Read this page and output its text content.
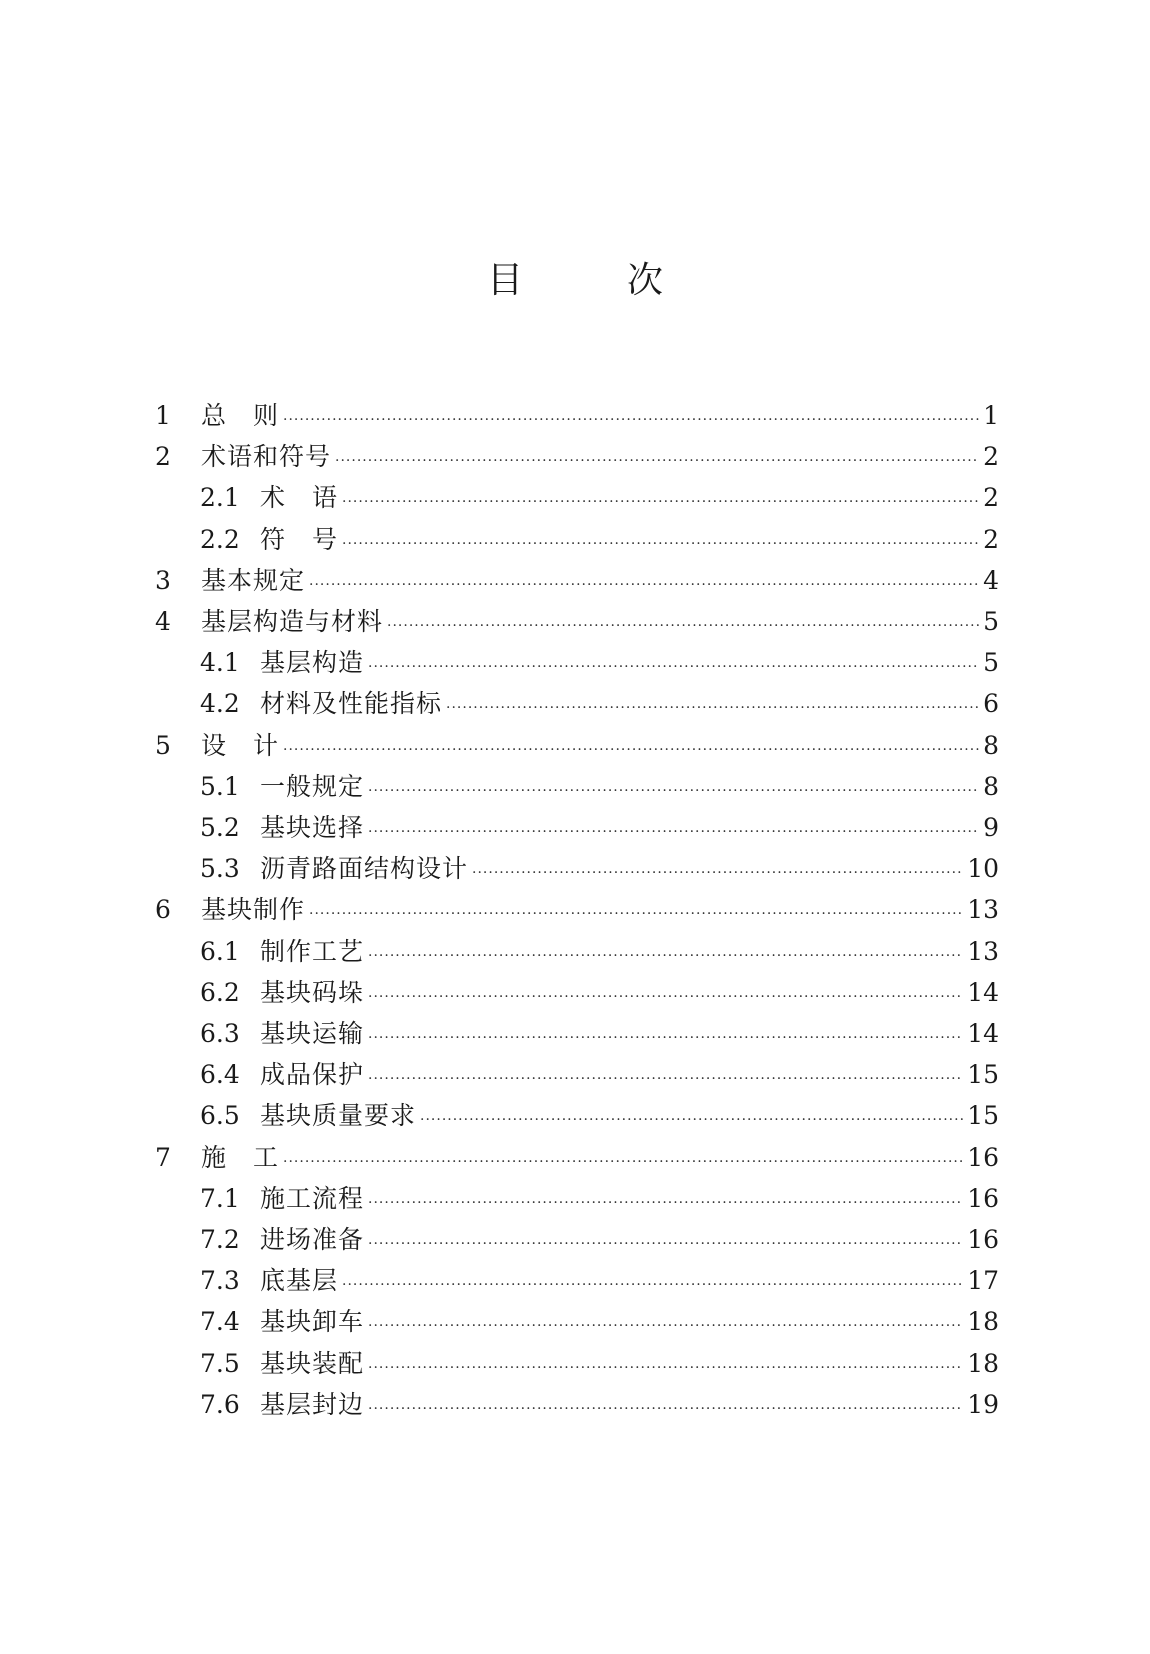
目　次
1	总　则 ·····	1
2	术语和符号 ·····	2
2.1 术　语 ·····	2
2.2 符　号 ·····	2
3	基本规定 ·····	4
4	基层构造与材料 ·····	5
4.1 基层构造 ·····	5
4.2 材料及性能指标 ·····	6
5	设　计 ·····	8
5.1 一般规定 ·····	8
5.2 基块选择 ·····	9
5.3 沥青路面结构设计 ·····	10
6	基块制作 ·····	13
6.1 制作工艺 ·····	13
6.2 基块码垛 ·····	14
6.3 基块运输 ·····	14
6.4 成品保护 ·····	15
6.5 基块质量要求 ·····	15
7	施　工 ·····	16
7.1 施工流程 ·····	16
7.2 进场准备 ·····	16
7.3 底基层 ·····	17
7.4 基块卸车 ·····	18
7.5 基块装配 ·····	18
7.6 基层封边 ·····	19
